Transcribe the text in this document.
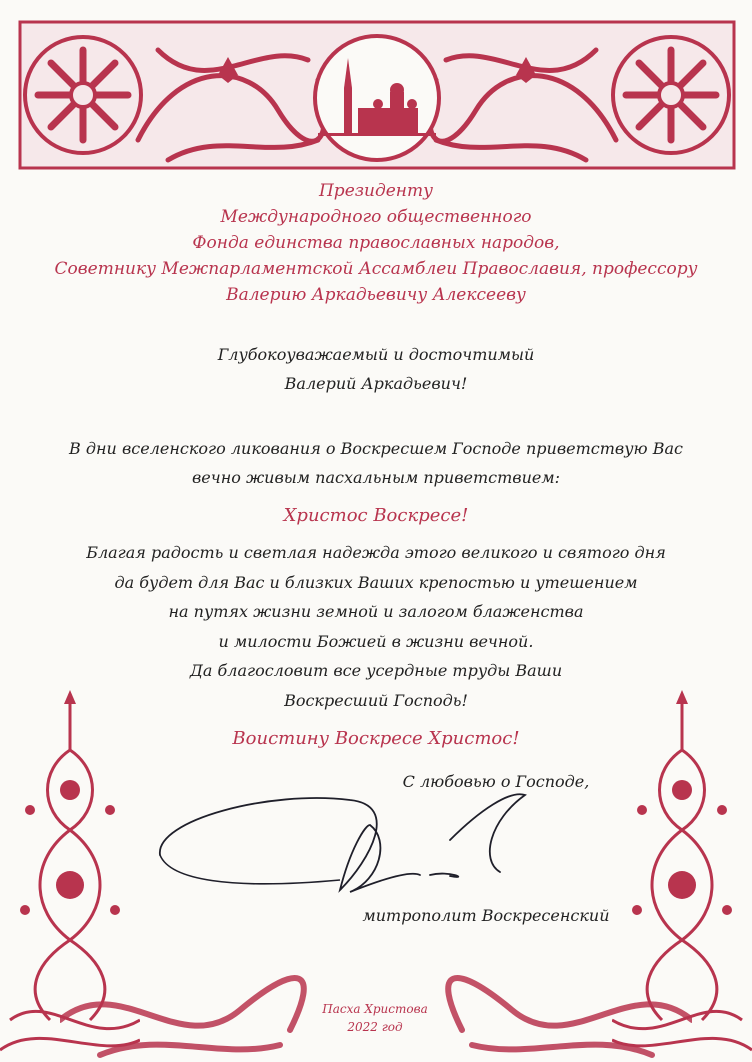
Президенту
Международного общественного
Фонда единства православных народов,
Советнику Межпарламентской Ассамблеи Православия, профессору
Валерию Аркадьевичу Алексееву
Глубокоуважаемый и досточтимый
Валерий Аркадьевич!
В дни вселенского ликования о Воскресшем Господе приветствую Вас
вечно живым пасхальным приветствием:
Христос Воскресе!
Благая радость и светлая надежда этого великого и святого дня
да будет для Вас и близких Ваших крепостью и утешением
на путях жизни земной и залогом блаженства
и милости Божией в жизни вечной.
Да благословит все усердные труды Ваши
Воскресший Господь!
Воистину Воскресе Христос!
С любовью о Господе,
митрополит Воскресенский
Пасха Христова
2022 год
